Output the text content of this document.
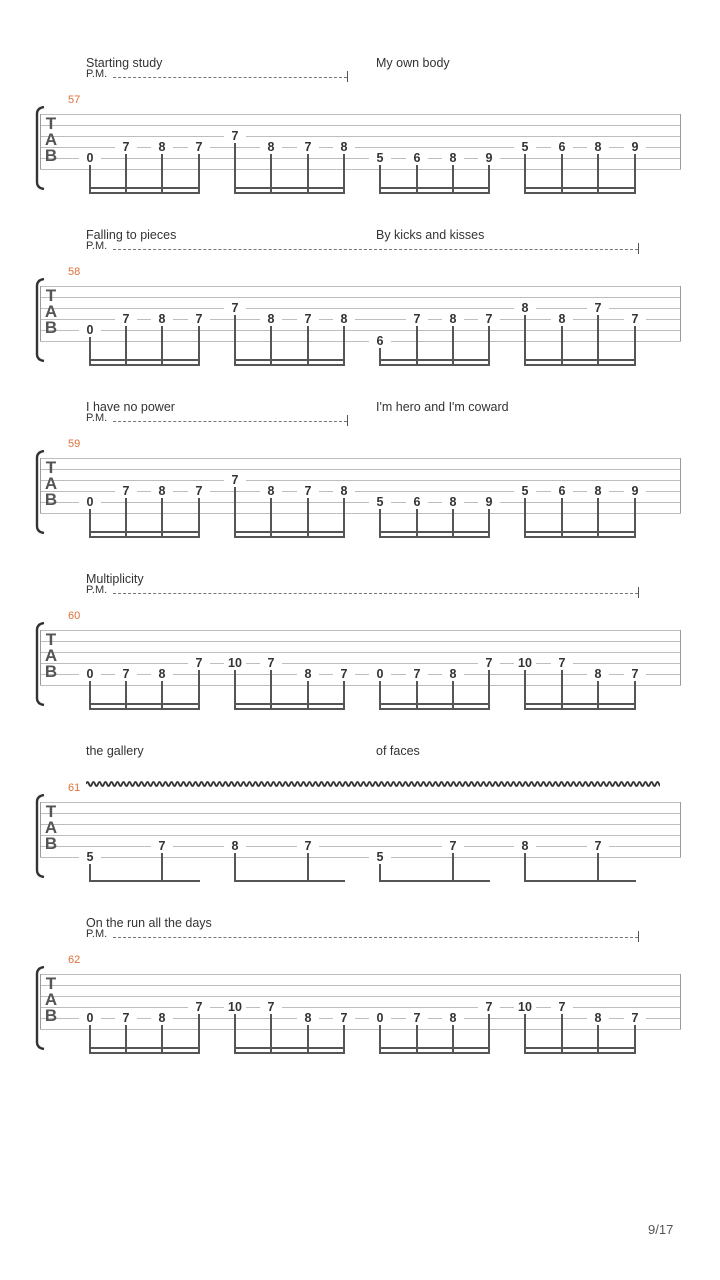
Starting study	My own body
P.M.
57
T
A
B	0
7	8	7
7
8	7	8
5	6	8	9
5	6	8	9
Falling to pieces	By kicks and kisses
P.M.
58
T
A
B	0
7	8	7
7
8	7	8
6
7	8	7
8
8
7
7
I have no power	I'm hero and I'm coward
P.M.
59
T
A
B	0
7	8	7
7
8	7	8
5	6	8	9
5	6	8	9
Multiplicity
P.M.
60
T
A
B	0	7	8
7	10	7
8	7	0	7	8
7	10	7
8	7
the gallery	of faces
61
T
A
B
5
7	8	7
5
7	8	7
On the run all the days
P.M.
62
T
A
B	0	7	8
7	10	7
8	7	0	7	8
7	10	7
8	7
9/17
